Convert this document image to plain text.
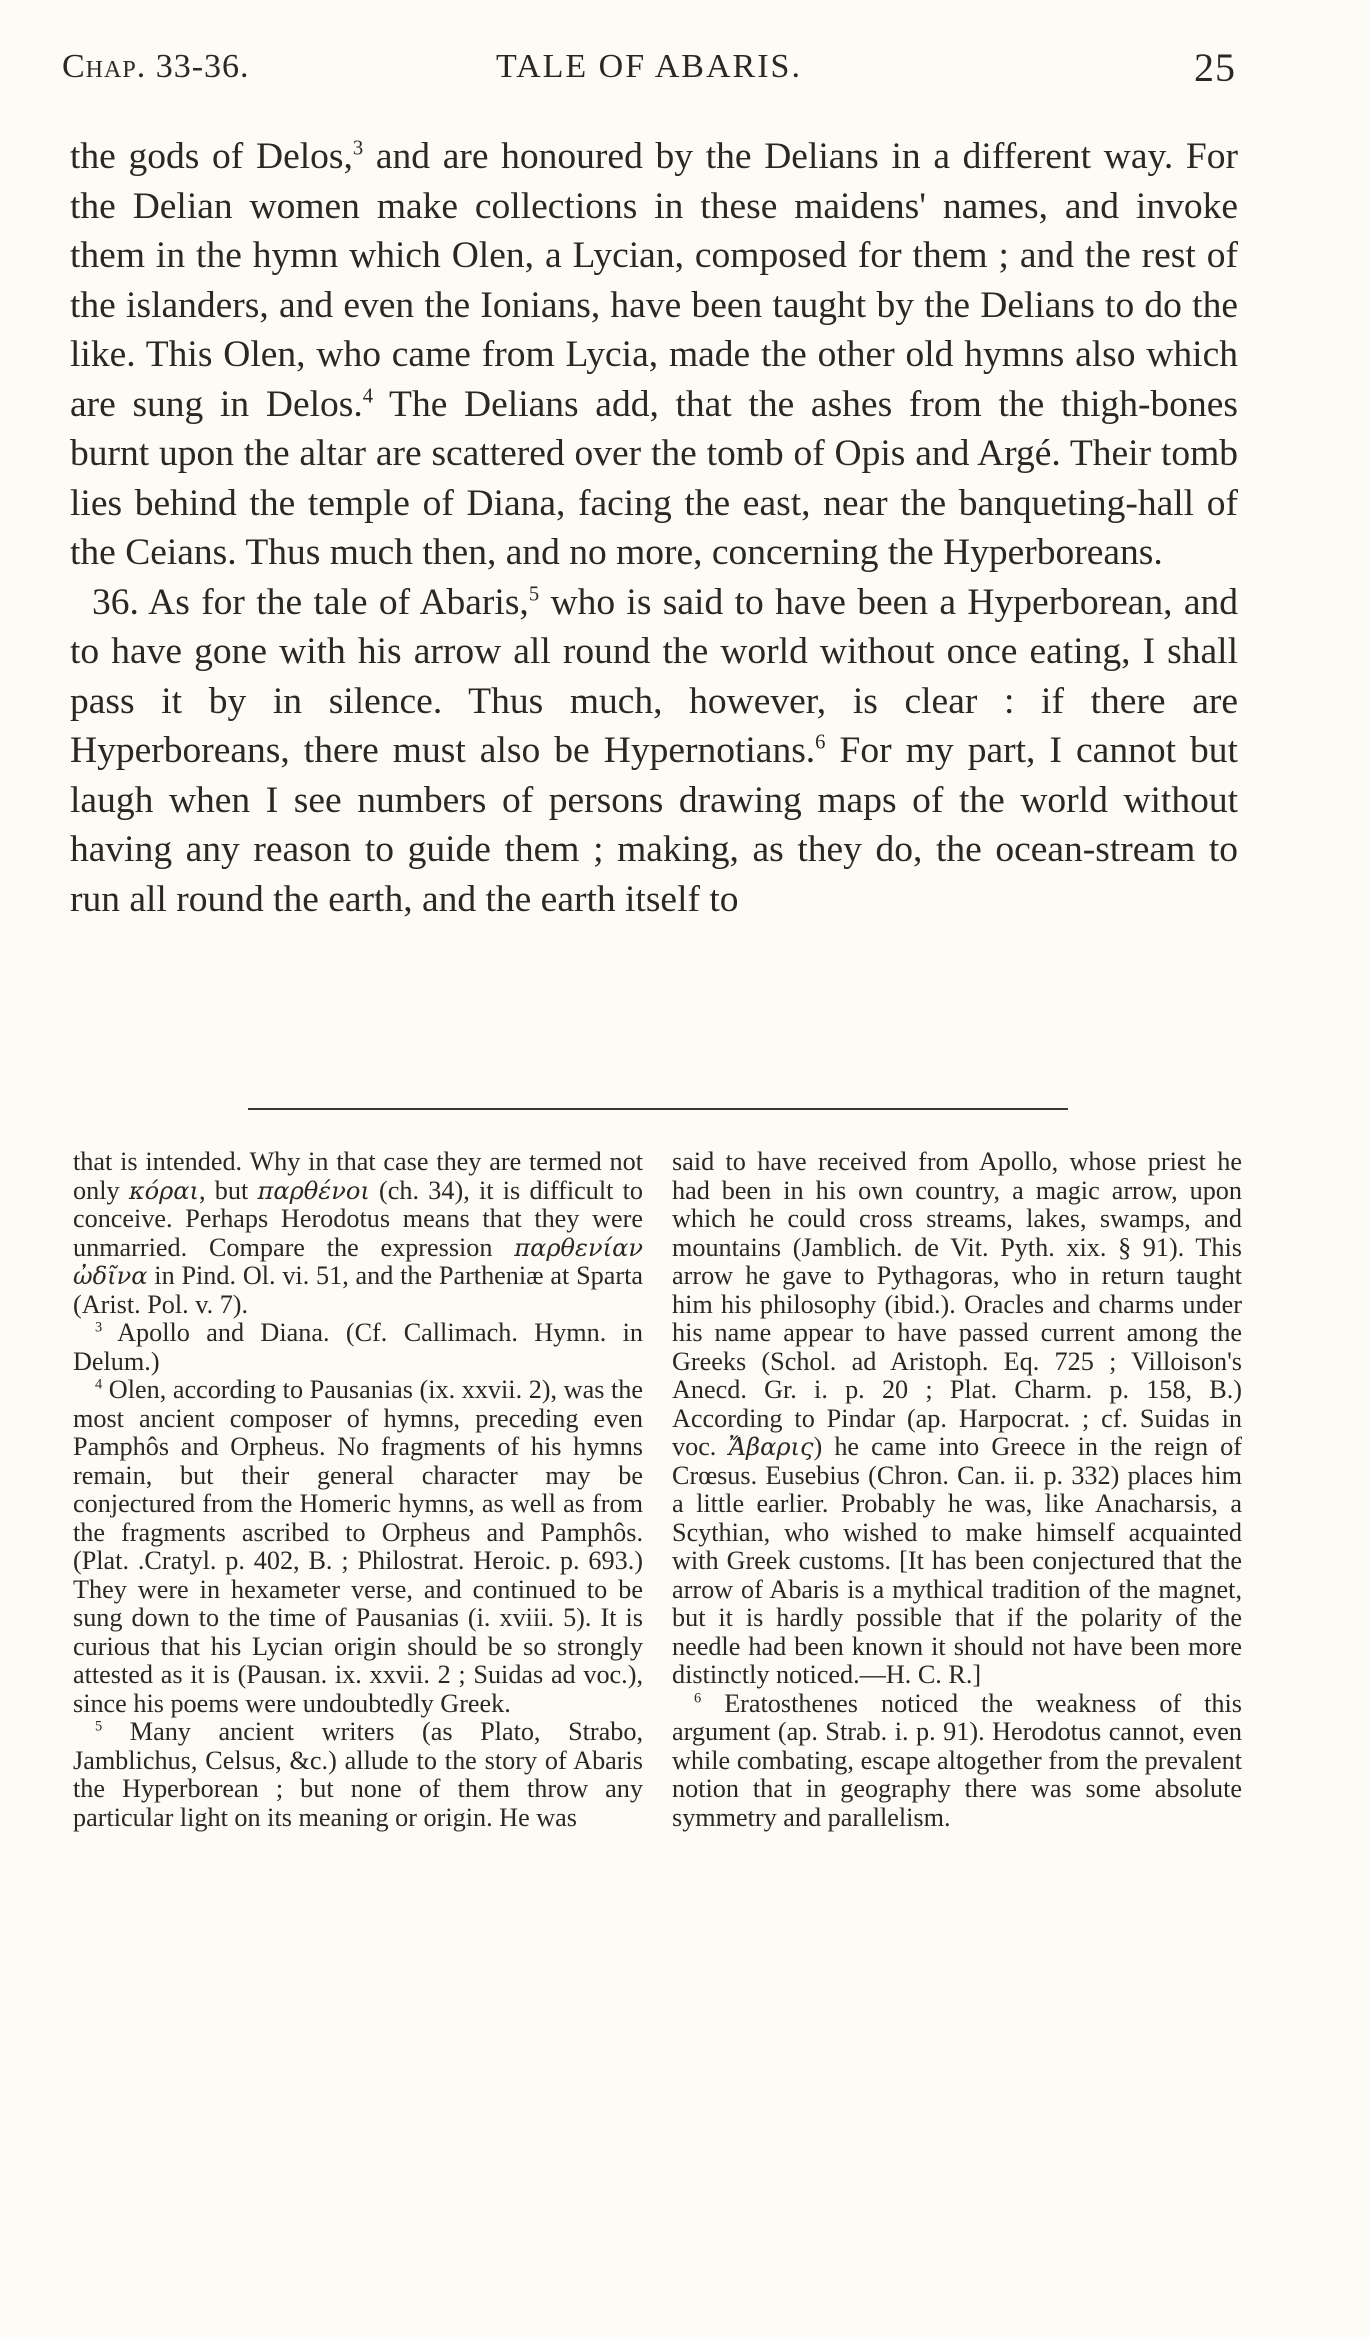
Chap. 33-36.	TALE OF ABARIS.	25

the gods of Delos,$^3$ and are honoured by the Delians in a different way. For the Delian women make collections in these maidens' names, and invoke them in the hymn which Olen, a Lycian, composed for them ; and the rest of the islanders, and even the Ionians, have been taught by the Delians to do the like. This Olen, who came from Lycia, made the other old hymns also which are sung in Delos.$^4$ The Delians add, that the ashes from the thigh-bones burnt upon the altar are scattered over the tomb of Opis and Argé. Their tomb lies behind the temple of Diana, facing the east, near the banqueting-hall of the Ceians. Thus much then, and no more, concerning the Hyperboreans.

36. As for the tale of Abaris,$^5$ who is said to have been a Hyperborean, and to have gone with his arrow all round the world without once eating, I shall pass it by in silence. Thus much, however, is clear : if there are Hyperboreans, there must also be Hypernotians.$^6$ For my part, I cannot but laugh when I see numbers of persons drawing maps of the world without having any reason to guide them ; making, as they do, the ocean-stream to run all round the earth, and the earth itself to

that is intended. Why in that case they are termed not only κόραι, but παρθένοι (ch. 34), it is difficult to conceive. Perhaps Herodotus means that they were unmarried. Compare the expression παρθενίαν ὠδῖνα in Pind. Ol. vi. 51, and the Partheniæ at Sparta (Arist. Pol. v. 7).

$^3$ Apollo and Diana. (Cf. Callimach. Hymn. in Delum.)

$^4$ Olen, according to Pausanias (ix. xxvii. 2), was the most ancient composer of hymns, preceding even Pamphôs and Orpheus. No fragments of his hymns remain, but their general character may be conjectured from the Homeric hymns, as well as from the fragments ascribed to Orpheus and Pamphôs. (Plat. .Cratyl. p. 402, B. ; Philostrat. Heroic. p. 693.) They were in hexameter verse, and continued to be sung down to the time of Pausanias (i. xviii. 5). It is curious that his Lycian origin should be so strongly attested as it is (Pausan. ix. xxvii. 2 ; Suidas ad voc.), since his poems were undoubtedly Greek.

$^5$ Many ancient writers (as Plato, Strabo, Jamblichus, Celsus, &c.) allude to the story of Abaris the Hyperborean ; but none of them throw any particular light on its meaning or origin. He was

said to have received from Apollo, whose priest he had been in his own country, a magic arrow, upon which he could cross streams, lakes, swamps, and mountains (Jamblich. de Vit. Pyth. xix. § 91). This arrow he gave to Pythagoras, who in return taught him his philosophy (ibid.). Oracles and charms under his name appear to have passed current among the Greeks (Schol. ad Aristoph. Eq. 725 ; Villoison's Anecd. Gr. i. p. 20 ; Plat. Charm. p. 158, B.) According to Pindar (ap. Harpocrat. ; cf. Suidas in voc. Ἄβαρις) he came into Greece in the reign of Crœsus. Eusebius (Chron. Can. ii. p. 332) places him a little earlier. Probably he was, like Anacharsis, a Scythian, who wished to make himself acquainted with Greek customs. [It has been conjectured that the arrow of Abaris is a mythical tradition of the magnet, but it is hardly possible that if the polarity of the needle had been known it should not have been more distinctly noticed.—H. C. R.]

$^6$ Eratosthenes noticed the weakness of this argument (ap. Strab. i. p. 91). Herodotus cannot, even while combating, escape altogether from the prevalent notion that in geography there was some absolute symmetry and parallelism.
